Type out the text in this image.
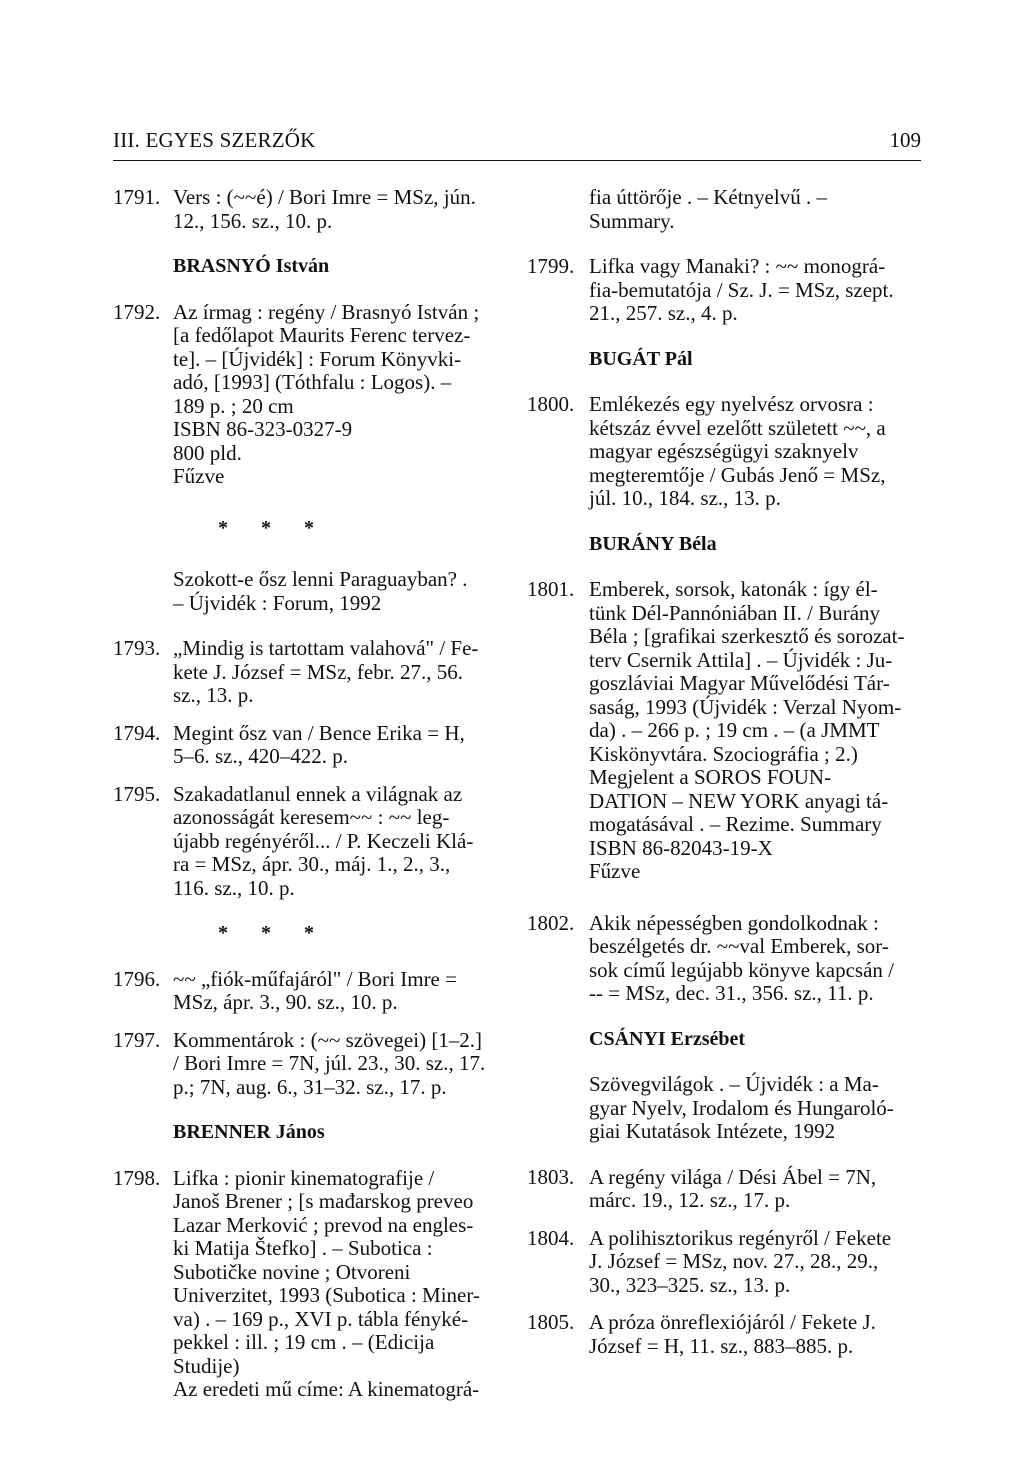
III. EGYES SZERZŐK	109
1791. Vers : (~~é) / Bori Imre = MSz, jún.
12., 156. sz., 10. p.
BRASNYÓ István
1792. Az írmag : regény / Brasnyó István ;
[a fedőlapot Maurits Ferenc tervez-
te]. – [Újvidék] : Forum Könyvki-
adó, [1993] (Tóthfalu : Logos). –
189 p. ; 20 cm
ISBN 86-323-0327-9
800 pld.
Fűzve
* * *
Szokott-e ősz lenni Paraguayban? .
– Újvidék : Forum, 1992
1793. „Mindig is tartottam valahová" / Fe-
kete J. József = MSz, febr. 27., 56.
sz., 13. p.
1794. Megint ősz van / Bence Erika = H,
5–6. sz., 420–422. p.
1795. Szakadatlanul ennek a világnak az
azonosságát keresem~~ : ~~ leg-
újabb regényéről... / P. Keczeli Klá-
ra = MSz, ápr. 30., máj. 1., 2., 3.,
116. sz., 10. p.
* * *
1796. ~~ „fiók-műfajáról" / Bori Imre =
MSz, ápr. 3., 90. sz., 10. p.
1797. Kommentárok : (~~ szövegei) [1–2.]
/ Bori Imre = 7N, júl. 23., 30. sz., 17.
p.; 7N, aug. 6., 31–32. sz., 17. p.
BRENNER János
1798. Lifka : pionir kinematografije /
Janoš Brener ; [s mađarskog preveo
Lazar Merković ; prevod na engles-
ki Matija Štefko] . – Subotica :
Subotičke novine ; Otvoreni
Univerzitet, 1993 (Subotica : Miner-
va) . – 169 p., XVI p. tábla fényké-
pekkel : ill. ; 19 cm . – (Edicija
Studije)
Az eredeti mű címe: A kinematográ-
fia úttörője . – Kétnyelvű . –
Summary.
1799. Lifka vagy Manaki? : ~~ monográ-
fia-bemutatója / Sz. J. = MSz, szept.
21., 257. sz., 4. p.
BUGÁT Pál
1800. Emlékezés egy nyelvész orvosra :
kétszáz évvel ezelőtt született ~~, a
magyar egészségügyi szaknyelv
megteremtője / Gubás Jenő = MSz,
júl. 10., 184. sz., 13. p.
BURÁNY Béla
1801. Emberek, sorsok, katonák : így él-
tünk Dél-Pannóniában II. / Burány
Béla ; [grafikai szerkesztő és sorozat-
terv Csernik Attila] . – Újvidék : Ju-
goszláviai Magyar Művelődési Tár-
saság, 1993 (Újvidék : Verzal Nyom-
da) . – 266 p. ; 19 cm . – (a JMMT
Kiskönyvtára. Szociográfia ; 2.)
Megjelent a SOROS FOUN-
DATION – NEW YORK anyagi tá-
mogatásával . – Rezime. Summary
ISBN 86-82043-19-X
Fűzve
1802. Akik népességben gondolkodnak :
beszélgetés dr. ~~val Emberek, sor-
sok című legújabb könyve kapcsán /
-- = MSz, dec. 31., 356. sz., 11. p.
CSÁNYI Erzsébet
Szövegvilágok . – Újvidék : a Ma-
gyar Nyelv, Irodalom és Hungaroló-
giai Kutatások Intézete, 1992
1803. A regény világa / Dési Ábel = 7N,
márc. 19., 12. sz., 17. p.
1804. A polihisztorikus regényről / Fekete
J. József = MSz, nov. 27., 28., 29.,
30., 323–325. sz., 13. p.
1805. A próza önreflexiójáról / Fekete J.
József = H, 11. sz., 883–885. p.
